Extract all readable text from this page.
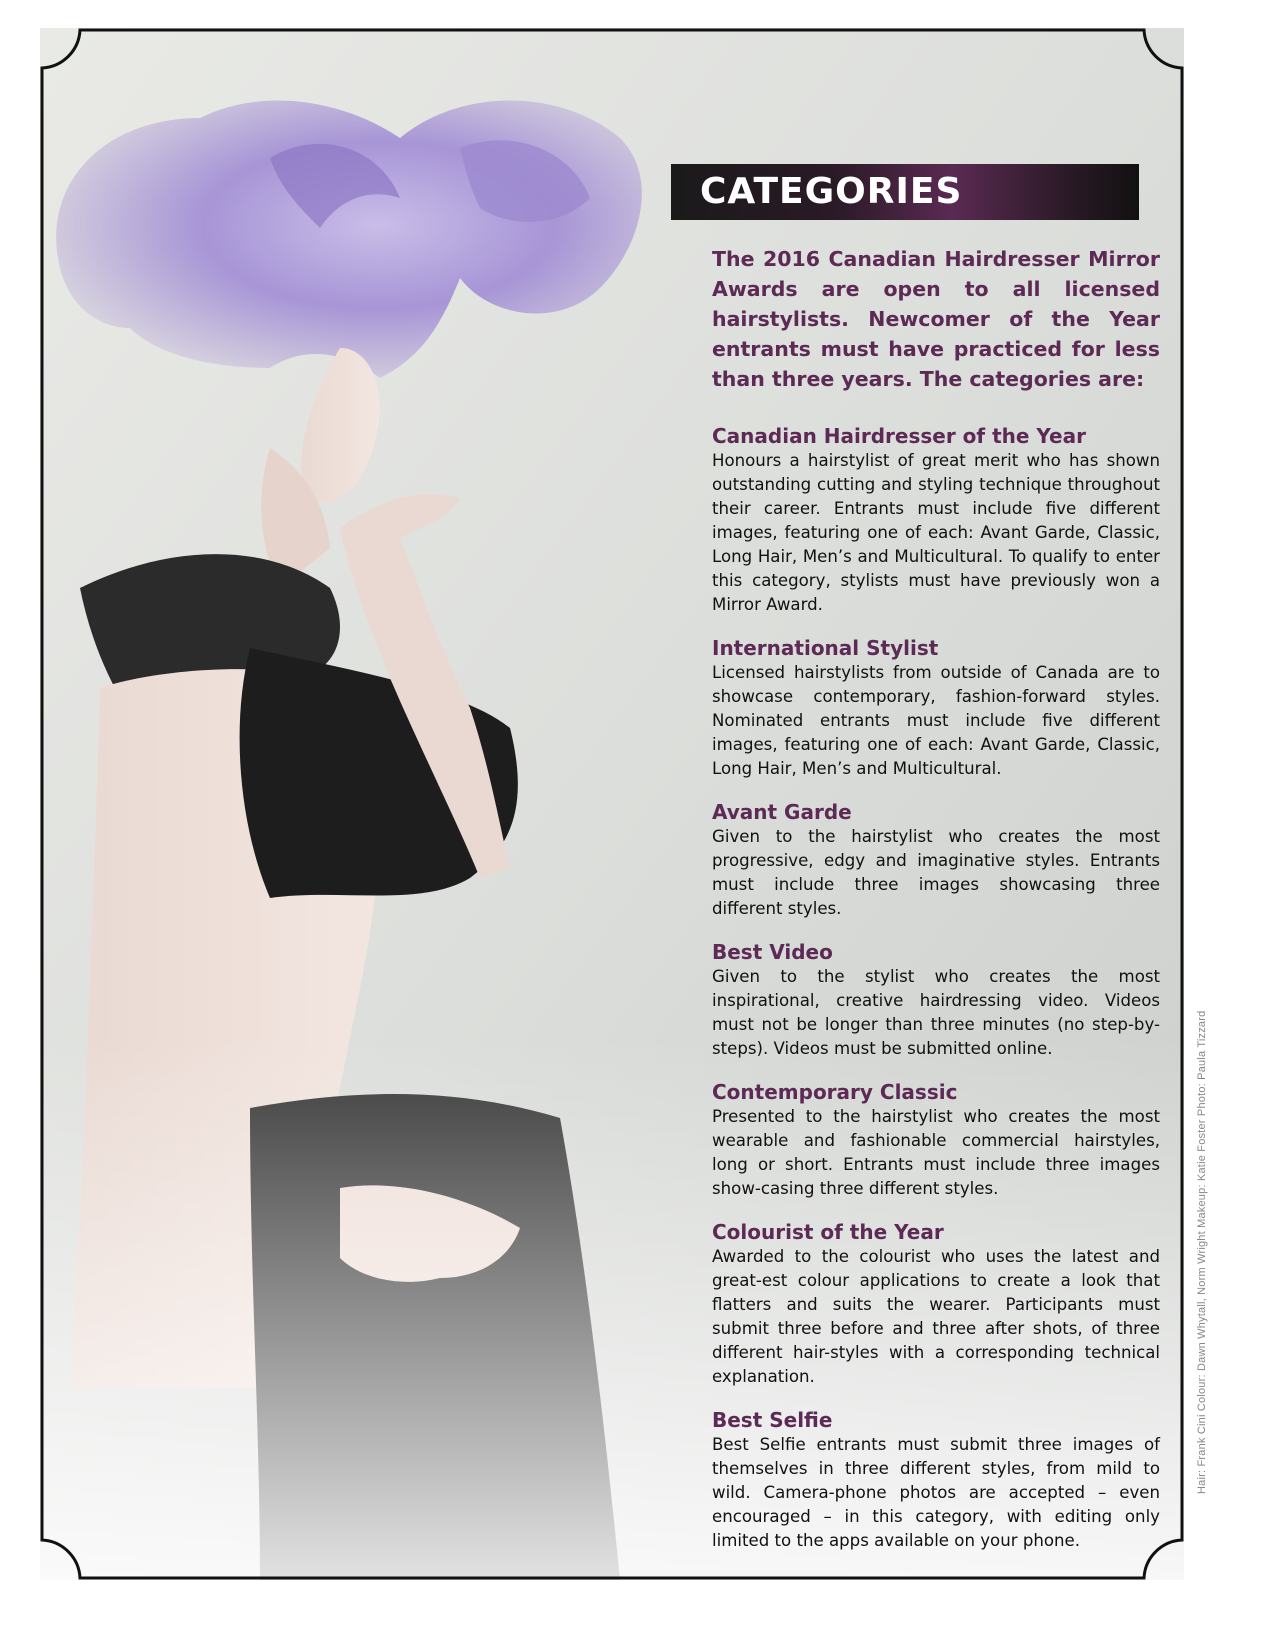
CATEGORIES
The 2016 Canadian Hairdresser Mirror Awards are open to all licensed hairstylists. Newcomer of the Year entrants must have practiced for less than three years. The categories are:

Canadian Hairdresser of the Year

Honours a hairstylist of great merit who has shown outstanding cutting and styling technique throughout their career. Entrants must include five different images, featuring one of each: Avant Garde, Classic, Long Hair, Men’s and Multicultural. To qualify to enter this category, stylists must have previously won a Mirror Award.

International Stylist

Licensed hairstylists from outside of Canada are to showcase contemporary, fashion-forward styles. Nominated entrants must include five different images, featuring one of each: Avant Garde, Classic, Long Hair, Men’s and Multicultural.

Avant Garde

Given to the hairstylist who creates the most progressive, edgy and imaginative styles. Entrants must include three images showcasing three different styles.

Best Video

Given to the stylist who creates the most inspirational, creative hairdressing video. Videos must not be longer than three minutes (no step-by-steps). Videos must be submitted online.

Contemporary Classic

Presented to the hairstylist who creates the most wearable and fashionable commercial hairstyles, long or short. Entrants must include three images show-casing three different styles.

Colourist of the Year

Awarded to the colourist who uses the latest and great-est colour applications to create a look that flatters and suits the wearer. Participants must submit three before and three after shots, of three different hair-styles with a corresponding technical explanation.

Best Selfie

Best Selfie entrants must submit three images of themselves in three different styles, from mild to wild. Camera-phone photos are accepted – even encouraged – in this category, with editing only limited to the apps available on your phone.

Hair: Frank Cini Colour: Dawn Whytall, Norm Wright Makeup: Katie Foster Photo: Paula Tizzard
